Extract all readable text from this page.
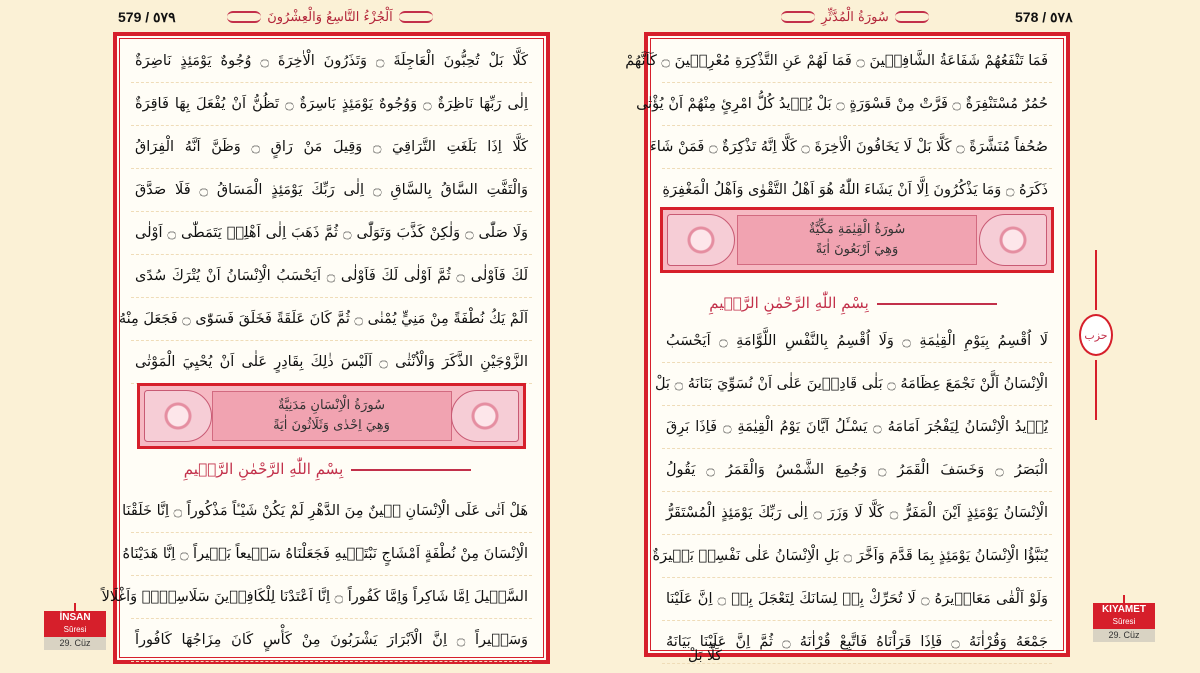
579 / ٥٧٩	اَلْجُزْءُ التَّاسِعُ وَالْعِشْرُونَ
كَلَّا بَلْ تُحِبُّونَ الْعَاجِلَةَ ۝ وَتَذَرُونَ الْاٰخِرَةَ ۝ وُجُوهٌ يَوْمَئِذٍ نَاضِرَةٌ
اِلٰى رَبِّهَا نَاظِرَةٌ ۝ وَوُجُوهٌ يَوْمَئِذٍ بَاسِرَةٌ ۝ تَظُنُّ اَنْ يُفْعَلَ بِهَا فَاقِرَةٌ
كَلَّا اِذَا بَلَغَتِ التَّرَاقِيَ ۝ وَقِيلَ مَنْ رَاقٍ ۝ وَظَنَّ اَنَّهُ الْفِرَاقُ
وَالْتَفَّتِ السَّاقُ بِالسَّاقِ ۝ اِلٰى رَبِّكَ يَوْمَئِذٍ الْمَسَاقُ ۝ فَلَا صَدَّقَ
وَلَا صَلّٰى ۝ وَلٰكِنْ كَذَّبَ وَتَوَلّٰى ۝ ثُمَّ ذَهَبَ اِلٰى اَهْلِه۪ يَتَمَطّٰى ۝ اَوْلٰى
لَكَ فَاَوْلٰى ۝ ثُمَّ اَوْلٰى لَكَ فَاَوْلٰى ۝ اَيَحْسَبُ الْاِنْسَانُ اَنْ يُتْرَكَ سُدًى
اَلَمْ يَكُ نُطْفَةً مِنْ مَنِيٍّ يُمْنٰى ۝ ثُمَّ كَانَ عَلَقَةً فَخَلَقَ فَسَوّٰى ۝ فَجَعَلَ مِنْهُ
الزَّوْجَيْنِ الذَّكَرَ وَالْاُنْثٰى ۝ اَلَيْسَ ذٰلِكَ بِقَادِرٍ عَلٰى اَنْ يُحْيِيَ الْمَوْتٰى
سُورَةُ الْاِنْسَانِ مَدَنِيَّةٌ
وَهِيَ اِحْدٰى وَثَلَاثُونَ اٰيَةً
بِسْمِ اللّٰهِ الرَّحْمٰنِ الرَّح۪يمِ
هَلْ اَتٰى عَلَى الْاِنْسَانِ ح۪ينٌ مِنَ الدَّهْرِ لَمْ يَكُنْ شَيْـٔاً مَذْكُوراً ۝ اِنَّا خَلَقْنَا
الْاِنْسَانَ مِنْ نُطْفَةٍ اَمْشَاجٍ نَبْتَل۪يهِ فَجَعَلْنَاهُ سَم۪يعاً بَص۪يراً ۝ اِنَّا هَدَيْنَاهُ
السَّب۪يلَ اِمَّا شَاكِراً وَاِمَّا كَفُوراً ۝ اِنَّا اَعْتَدْنَا لِلْكَافِر۪ينَ سَلَاسِلَا۟ وَاَغْلَالاً
وَسَع۪يراً ۝ اِنَّ الْاَبْرَارَ يَشْرَبُونَ مِنْ كَأْسٍ كَانَ مِزَاجُهَا كَافُوراً
İNSAN
Sûresi
29. Cüz
578 / ٥٧٨
سُورَةُ الْمُدَّثِّرِ
فَمَا تَنْفَعُهُمْ شَفَاعَةُ الشَّافِع۪ينَ ۝ فَمَا لَهُمْ عَنِ التَّذْكِرَةِ مُعْرِض۪ينَ ۝ كَاَنَّهُمْ
حُمُرٌ مُسْتَنْفِرَةٌ ۝ فَرَّتْ مِنْ قَسْوَرَةٍ ۝ بَلْ يُر۪يدُ كُلُّ امْرِئٍ مِنْهُمْ اَنْ يُؤْتٰى
صُحُفاً مُنَشَّرَةً ۝ كَلَّا بَلْ لَا يَخَافُونَ الْاٰخِرَةَ ۝ كَلَّا اِنَّهُ تَذْكِرَةٌ ۝ فَمَنْ شَاءَ
ذَكَرَهُ ۝ وَمَا يَذْكُرُونَ اِلَّا اَنْ يَشَاءَ اللّٰهُ هُوَ اَهْلُ التَّقْوٰى وَاَهْلُ الْمَغْفِرَةِ
سُورَةُ الْقِيٰمَةِ مَكِّيَّةٌ
وَهِيَ اَرْبَعُونَ اٰيَةً
بِسْمِ اللّٰهِ الرَّحْمٰنِ الرَّح۪يمِ
لَا اُقْسِمُ بِيَوْمِ الْقِيٰمَةِ ۝ وَلَا اُقْسِمُ بِالنَّفْسِ اللَّوَّامَةِ ۝ اَيَحْسَبُ
الْاِنْسَانُ اَلَّنْ نَجْمَعَ عِظَامَهُ ۝ بَلٰى قَادِر۪ينَ عَلٰى اَنْ نُسَوِّيَ بَنَانَهُ ۝ بَلْ
يُر۪يدُ الْاِنْسَانُ لِيَفْجُرَ اَمَامَهُ ۝ يَسْـَٔلُ اَيَّانَ يَوْمُ الْقِيٰمَةِ ۝ فَاِذَا بَرِقَ
الْبَصَرُ ۝ وَخَسَفَ الْقَمَرُ ۝ وَجُمِعَ الشَّمْسُ وَالْقَمَرُ ۝ يَقُولُ
الْاِنْسَانُ يَوْمَئِذٍ اَيْنَ الْمَفَرُّ ۝ كَلَّا لَا وَزَرَ ۝ اِلٰى رَبِّكَ يَوْمَئِذٍ الْمُسْتَقَرُّ
يُنَبَّؤُا الْاِنْسَانُ يَوْمَئِذٍ بِمَا قَدَّمَ وَاَخَّرَ ۝ بَلِ الْاِنْسَانُ عَلٰى نَفْسِه۪ بَص۪يرَةٌ
وَلَوْ اَلْقٰى مَعَاذ۪يرَهُ ۝ لَا تُحَرِّكْ بِه۪ لِسَانَكَ لِتَعْجَلَ بِه۪ ۝ اِنَّ عَلَيْنَا
جَمْعَهُ وَقُرْاٰنَهُ ۝ فَاِذَا قَرَاْنَاهُ فَاتَّبِعْ قُرْاٰنَهُ ۝ ثُمَّ اِنَّ عَلَيْنَا بَيَانَهُ
كَلَّا بَلْ
حزب
KIYAMET
Sûresi
29. Cüz
